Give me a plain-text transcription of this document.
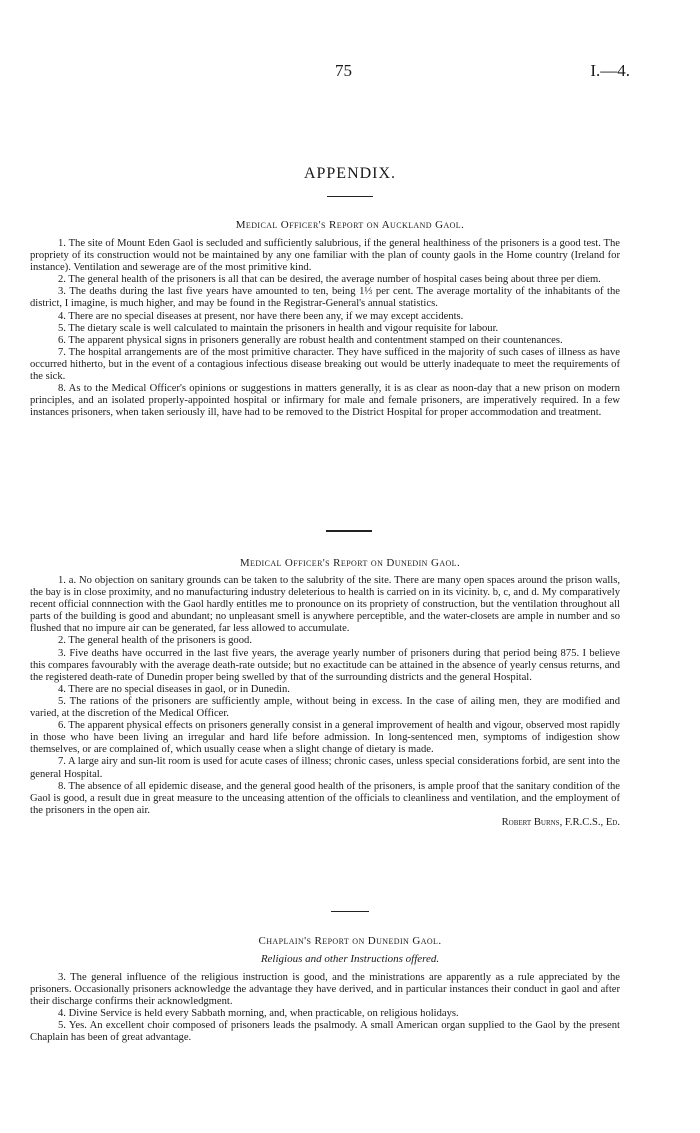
75	I.—4.
APPENDIX.
Medical Officer's Report on Auckland Gaol.

1. The site of Mount Eden Gaol is secluded and sufficiently salubrious, if the general healthiness of the prisoners is a good test. The propriety of its construction would not be maintained by any one familiar with the plan of county gaols in the Home country (Ireland for instance). Ventilation and sewerage are of the most primitive kind.

2. The general health of the prisoners is all that can be desired, the average number of hospital cases being about three per diem.

3. The deaths during the last five years have amounted to ten, being 1⅓ per cent. The average mortality of the inhabitants of the district, I imagine, is much higher, and may be found in the Registrar-General's annual statistics.

4. There are no special diseases at present, nor have there been any, if we may except accidents.

5. The dietary scale is well calculated to maintain the prisoners in health and vigour requisite for labour.

6. The apparent physical signs in prisoners generally are robust health and contentment stamped on their countenances.

7. The hospital arrangements are of the most primitive character. They have sufficed in the majority of such cases of illness as have occurred hitherto, but in the event of a contagious infectious disease breaking out would be utterly inadequate to meet the requirements of the sick.

8. As to the Medical Officer's opinions or suggestions in matters generally, it is as clear as noon-day that a new prison on modern principles, and an isolated properly-appointed hospital or infirmary for male and female prisoners, are imperatively required. In a few instances prisoners, when taken seriously ill, have had to be removed to the District Hospital for proper accommodation and treatment.

Medical Officer's Report on Dunedin Gaol.

1. a. No objection on sanitary grounds can be taken to the salubrity of the site. There are many open spaces around the prison walls, the bay is in close proximity, and no manufacturing industry deleterious to health is carried on in its vicinity. b, c, and d. My comparatively recent official connnection with the Gaol hardly entitles me to pronounce on its propriety of construction, but the ventilation throughout all parts of the building is good and abundant; no unpleasant smell is anywhere perceptible, and the water-closets are ample in number and so flushed that no impure air can be generated, far less allowed to accumulate.

2. The general health of the prisoners is good.

3. Five deaths have occurred in the last five years, the average yearly number of prisoners during that period being 875. I believe this compares favourably with the average death-rate outside; but no exactitude can be attained in the absence of yearly census returns, and the registered death-rate of Dunedin proper being swelled by that of the surrounding districts and the general Hospital.

4. There are no special diseases in gaol, or in Dunedin.

5. The rations of the prisoners are sufficiently ample, without being in excess. In the case of ailing men, they are modified and varied, at the discretion of the Medical Officer.

6. The apparent physical effects on prisoners generally consist in a general improvement of health and vigour, observed most rapidly in those who have been living an irregular and hard life before admission. In long-sentenced men, symptoms of indigestion show themselves, or are complained of, which usually cease when a slight change of dietary is made.

7. A large airy and sun-lit room is used for acute cases of illness; chronic cases, unless special considerations forbid, are sent into the general Hospital.

8. The absence of all epidemic disease, and the general good health of the prisoners, is ample proof that the sanitary condition of the Gaol is good, a result due in great measure to the unceasing attention of the officials to cleanliness and ventilation, and the employment of the prisoners in the open air.

Robert Burns, F.R.C.S., Ed.
Chaplain's Report on Dunedin Gaol.
Religious and other Instructions offered.

3. The general influence of the religious instruction is good, and the ministrations are apparently as a rule appreciated by the prisoners. Occasionally prisoners acknowledge the advantage they have derived, and in particular instances their conduct in gaol and after their discharge confirms their acknowledgment.

4. Divine Service is held every Sabbath morning, and, when practicable, on religious holidays.

5. Yes. An excellent choir composed of prisoners leads the psalmody. A small American organ supplied to the Gaol by the present Chaplain has been of great advantage.
